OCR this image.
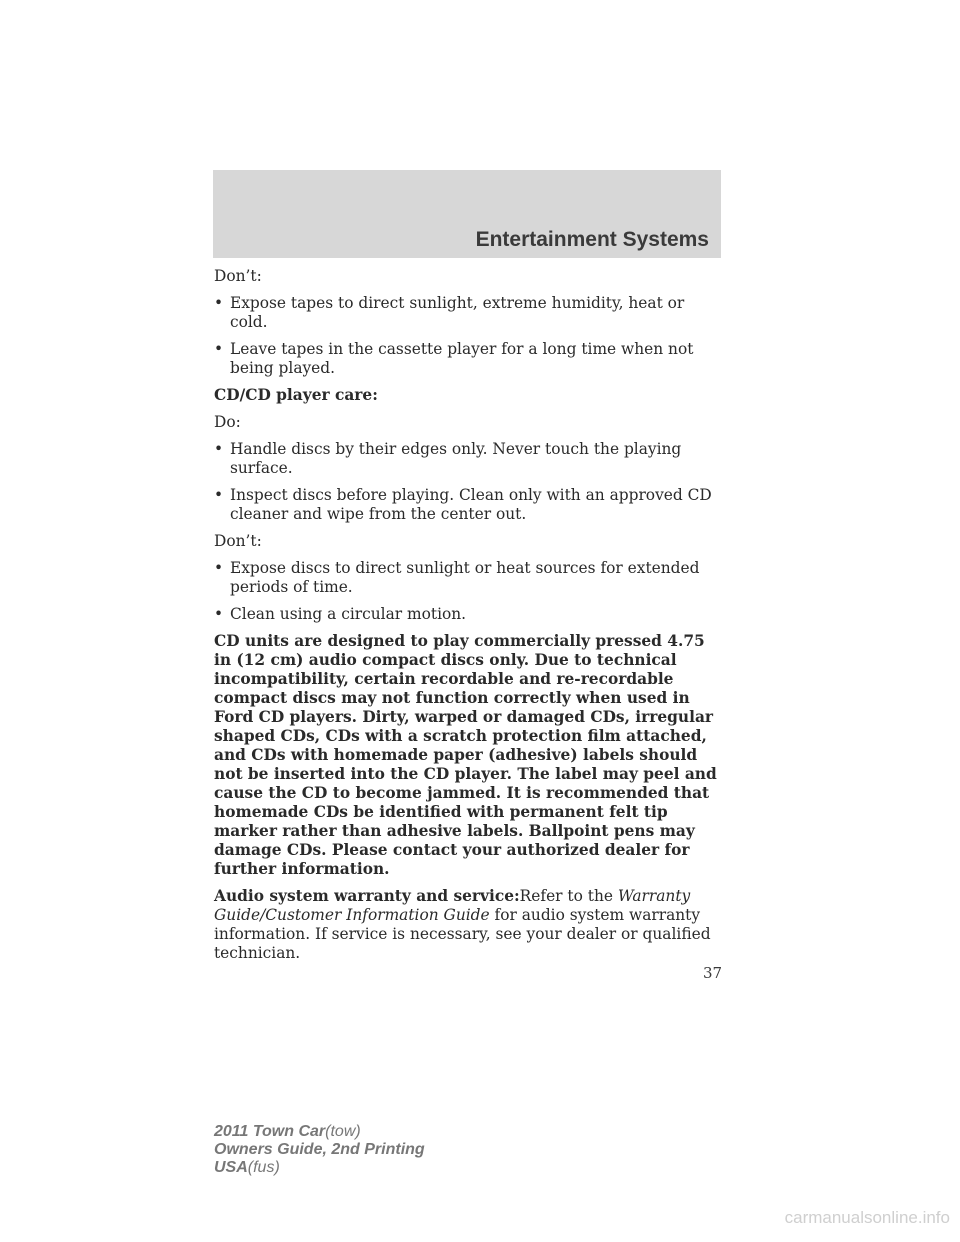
Entertainment Systems

Don’t:

• Expose tapes to direct sunlight, extreme humidity, heat or cold.
• Leave tapes in the cassette player for a long time when not being played.

CD/CD player care:

Do:

• Handle discs by their edges only. Never touch the playing surface.
• Inspect discs before playing. Clean only with an approved CD cleaner and wipe from the center out.

Don’t:

• Expose discs to direct sunlight or heat sources for extended periods of time.
• Clean using a circular motion.

CD units are designed to play commercially pressed 4.75 in (12 cm) audio compact discs only. Due to technical incompatibility, certain recordable and re-recordable compact discs may not function correctly when used in Ford CD players. Dirty, warped or damaged CDs, irregular shaped CDs, CDs with a scratch protection film attached, and CDs with homemade paper (adhesive) labels should not be inserted into the CD player. The label may peel and cause the CD to become jammed. It is recommended that homemade CDs be identified with permanent felt tip marker rather than adhesive labels. Ballpoint pens may damage CDs. Please contact your authorized dealer for further information.

Audio system warranty and service:Refer to the Warranty Guide/Customer Information Guide for audio system warranty information. If service is necessary, see your dealer or qualified technician.

37
2011 Town Car(tow)
Owners Guide, 2nd Printing
USA(fus)
carmanualsonline.info
